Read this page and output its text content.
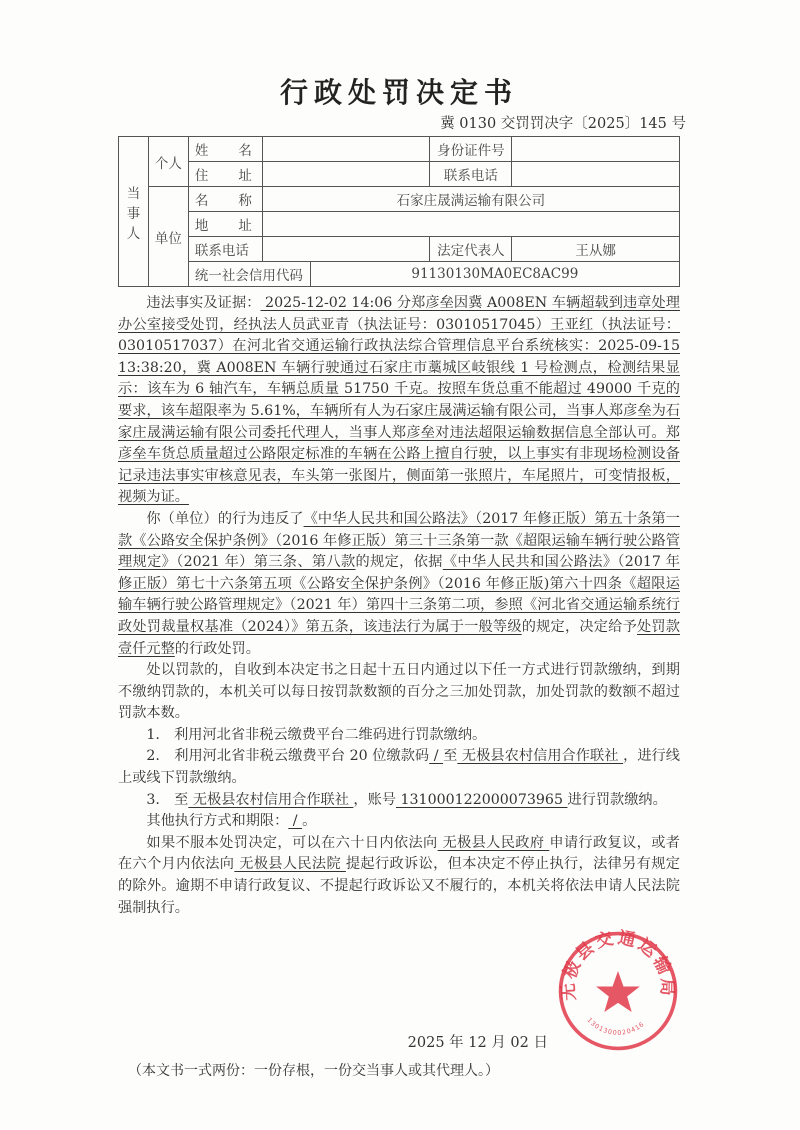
行政处罚决定书
冀 0130 交罚罚决字〔2025〕145 号
当事人	个人	姓　　名			身份证件号	
		住　　址			联系电话	
	单位	名　　称	石家庄晟满运输有限公司			
		地　　址				
		联系电话			法定代表人	王从娜
		统一社会信用代码		91130130MA0EC8AC99		

违法事实及证据： 2025-12-02 14:06 分郑彦垒因冀 A008EN 车辆超载到违章处理办公室接受处罚，经执法人员武亚青（执法证号：03010517045）王亚红（执法证号：03010517037）在河北省交通运输行政执法综合管理信息平台系统核实：2025-09-15 13:38:20，冀 A008EN 车辆行驶通过石家庄市藁城区岐银线 1 号检测点，检测结果显示：该车为 6 轴汽车，车辆总质量 51750 千克。按照车货总重不能超过 49000 千克的要求，该车超限率为 5.61%，车辆所有人为石家庄晟满运输有限公司，当事人郑彦垒为石家庄晟满运输有限公司委托代理人，当事人郑彦垒对违法超限运输数据信息全部认可。郑彦垒车货总质量超过公路限定标准的车辆在公路上擅自行驶，以上事实有非现场检测设备记录违法事实审核意见表，车头第一张图片，侧面第一张照片，车尾照片，可变情报板，视频为证。

你（单位）的行为违反了《中华人民共和国公路法》（2017 年修正版）第五十条第一款《公路安全保护条例》（2016 年修正版）第三十三条第一款《超限运输车辆行驶公路管理规定》（2021 年）第三条、第八款的规定，依据《中华人民共和国公路法》（2017 年修正版）第七十六条第五项《公路安全保护条例》（2016 年修正版)第六十四条《超限运输车辆行驶公路管理规定》（2021 年）第四十三条第二项，参照《河北省交通运输系统行政处罚裁量权基准（2024）》第五条，该违法行为属于一般等级的规定，决定给予处罚款壹仟元整的行政处罚。

处以罚款的，自收到本决定书之日起十五日内通过以下任一方式进行罚款缴纳，到期不缴纳罚款的，本机关可以每日按罚款数额的百分之三加处罚款，加处罚款的数额不超过罚款本数。

1.　利用河北省非税云缴费平台二维码进行罚款缴纳。

2.　利用河北省非税云缴费平台 20 位缴款码 / 至 无极县农村信用合作联社 ，进行线上或线下罚款缴纳。

3.　至 无极县农村信用合作联社 ，账号 131000122000073965 进行罚款缴纳。

其他执行方式和期限： / 。

如果不服本处罚决定，可以在六十日内依法向 无极县人民政府 申请行政复议，或者在六个月内依法向 无极县人民法院 提起行政诉讼，但本决定不停止执行，法律另有规定的除外。逾期不申请行政复议、不提起行政诉讼又不履行的，本机关将依法申请人民法院强制执行。

2025 年 12 月 02 日
无极县交通运输局
1301300020416
（本文书一式两份：一份存根，一份交当事人或其代理人。）
